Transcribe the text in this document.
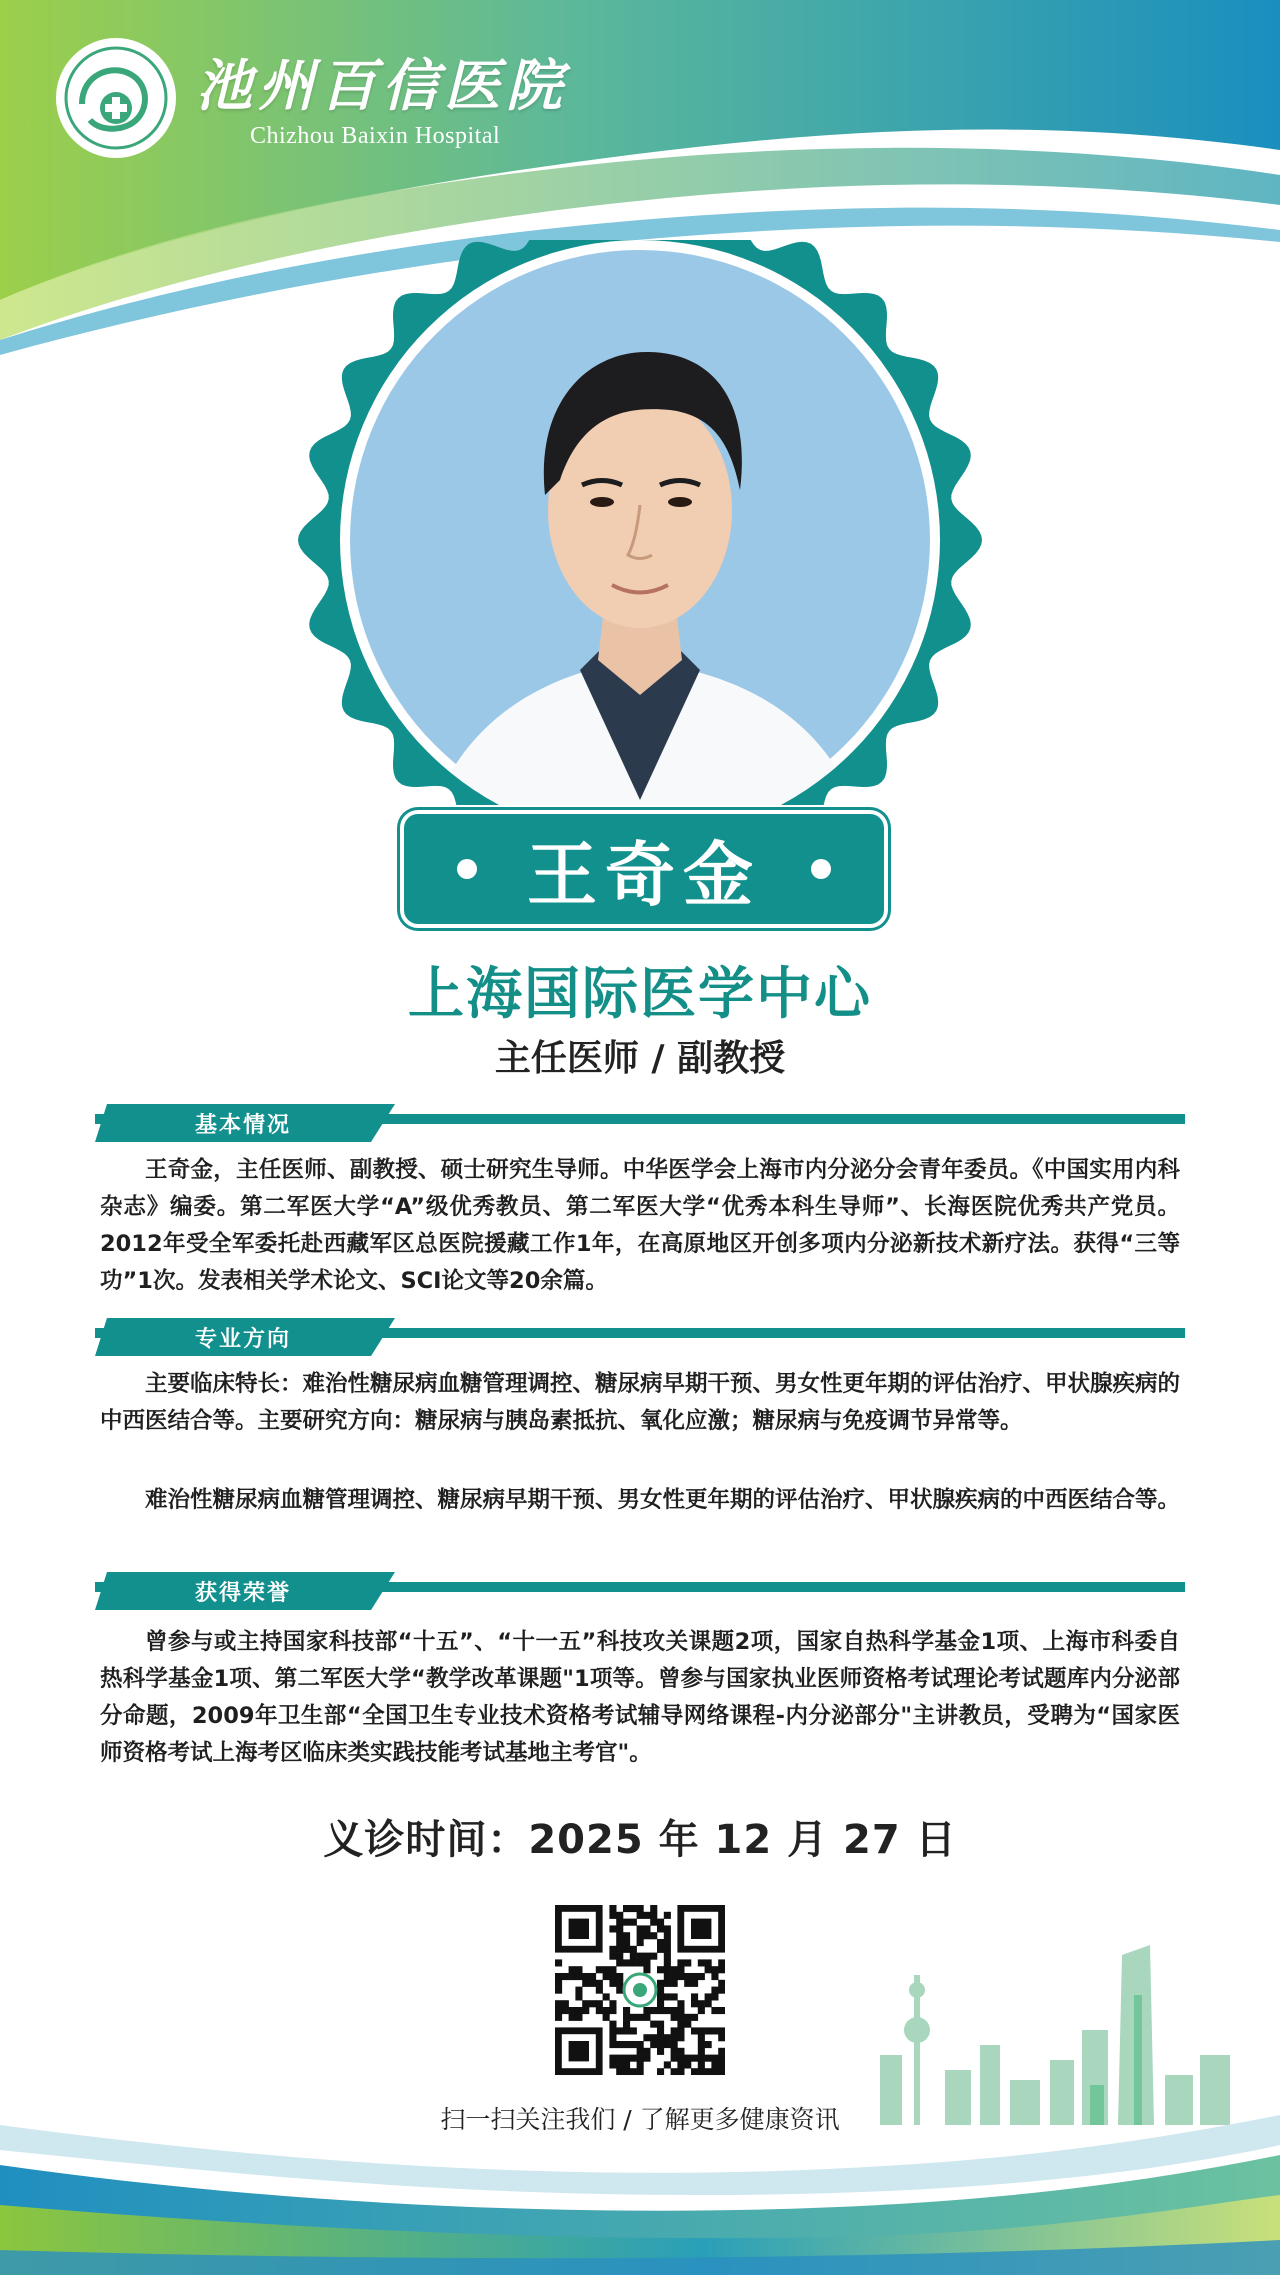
池州百信医院
Chizhou Baixin Hospital
王奇金
上海国际医学中心
主任医师 / 副教授
基本情况

王奇金，主任医师、副教授、硕士研究生导师。中华医学会上海市内分泌分会青年委员。《中国实用内科杂志》编委。第二军医大学“A”级优秀教员、第二军医大学“优秀本科生导师”、长海医院优秀共产党员。2012年受全军委托赴西藏军区总医院援藏工作1年，在高原地区开创多项内分泌新技术新疗法。获得“三等功”1次。发表相关学术论文、SCI论文等20余篇。

专业方向

主要临床特长：难治性糖尿病血糖管理调控、糖尿病早期干预、男女性更年期的评估治疗、甲状腺疾病的中西医结合等。主要研究方向：糖尿病与胰岛素抵抗、氧化应激；糖尿病与免疫调节异常等。

难治性糖尿病血糖管理调控、糖尿病早期干预、男女性更年期的评估治疗、甲状腺疾病的中西医结合等。

获得荣誉

曾参与或主持国家科技部“十五”、“十一五”科技攻关课题2项，国家自热科学基金1项、上海市科委自热科学基金1项、第二军医大学“教学改革课题"1项等。曾参与国家执业医师资格考试理论考试题库内分泌部分命题，2009年卫生部“全国卫生专业技术资格考试辅导网络课程-内分泌部分"主讲教员，受聘为“国家医师资格考试上海考区临床类实践技能考试基地主考官"。

义诊时间：2025 年 12 月 27 日
扫一扫关注我们 / 了解更多健康资讯
